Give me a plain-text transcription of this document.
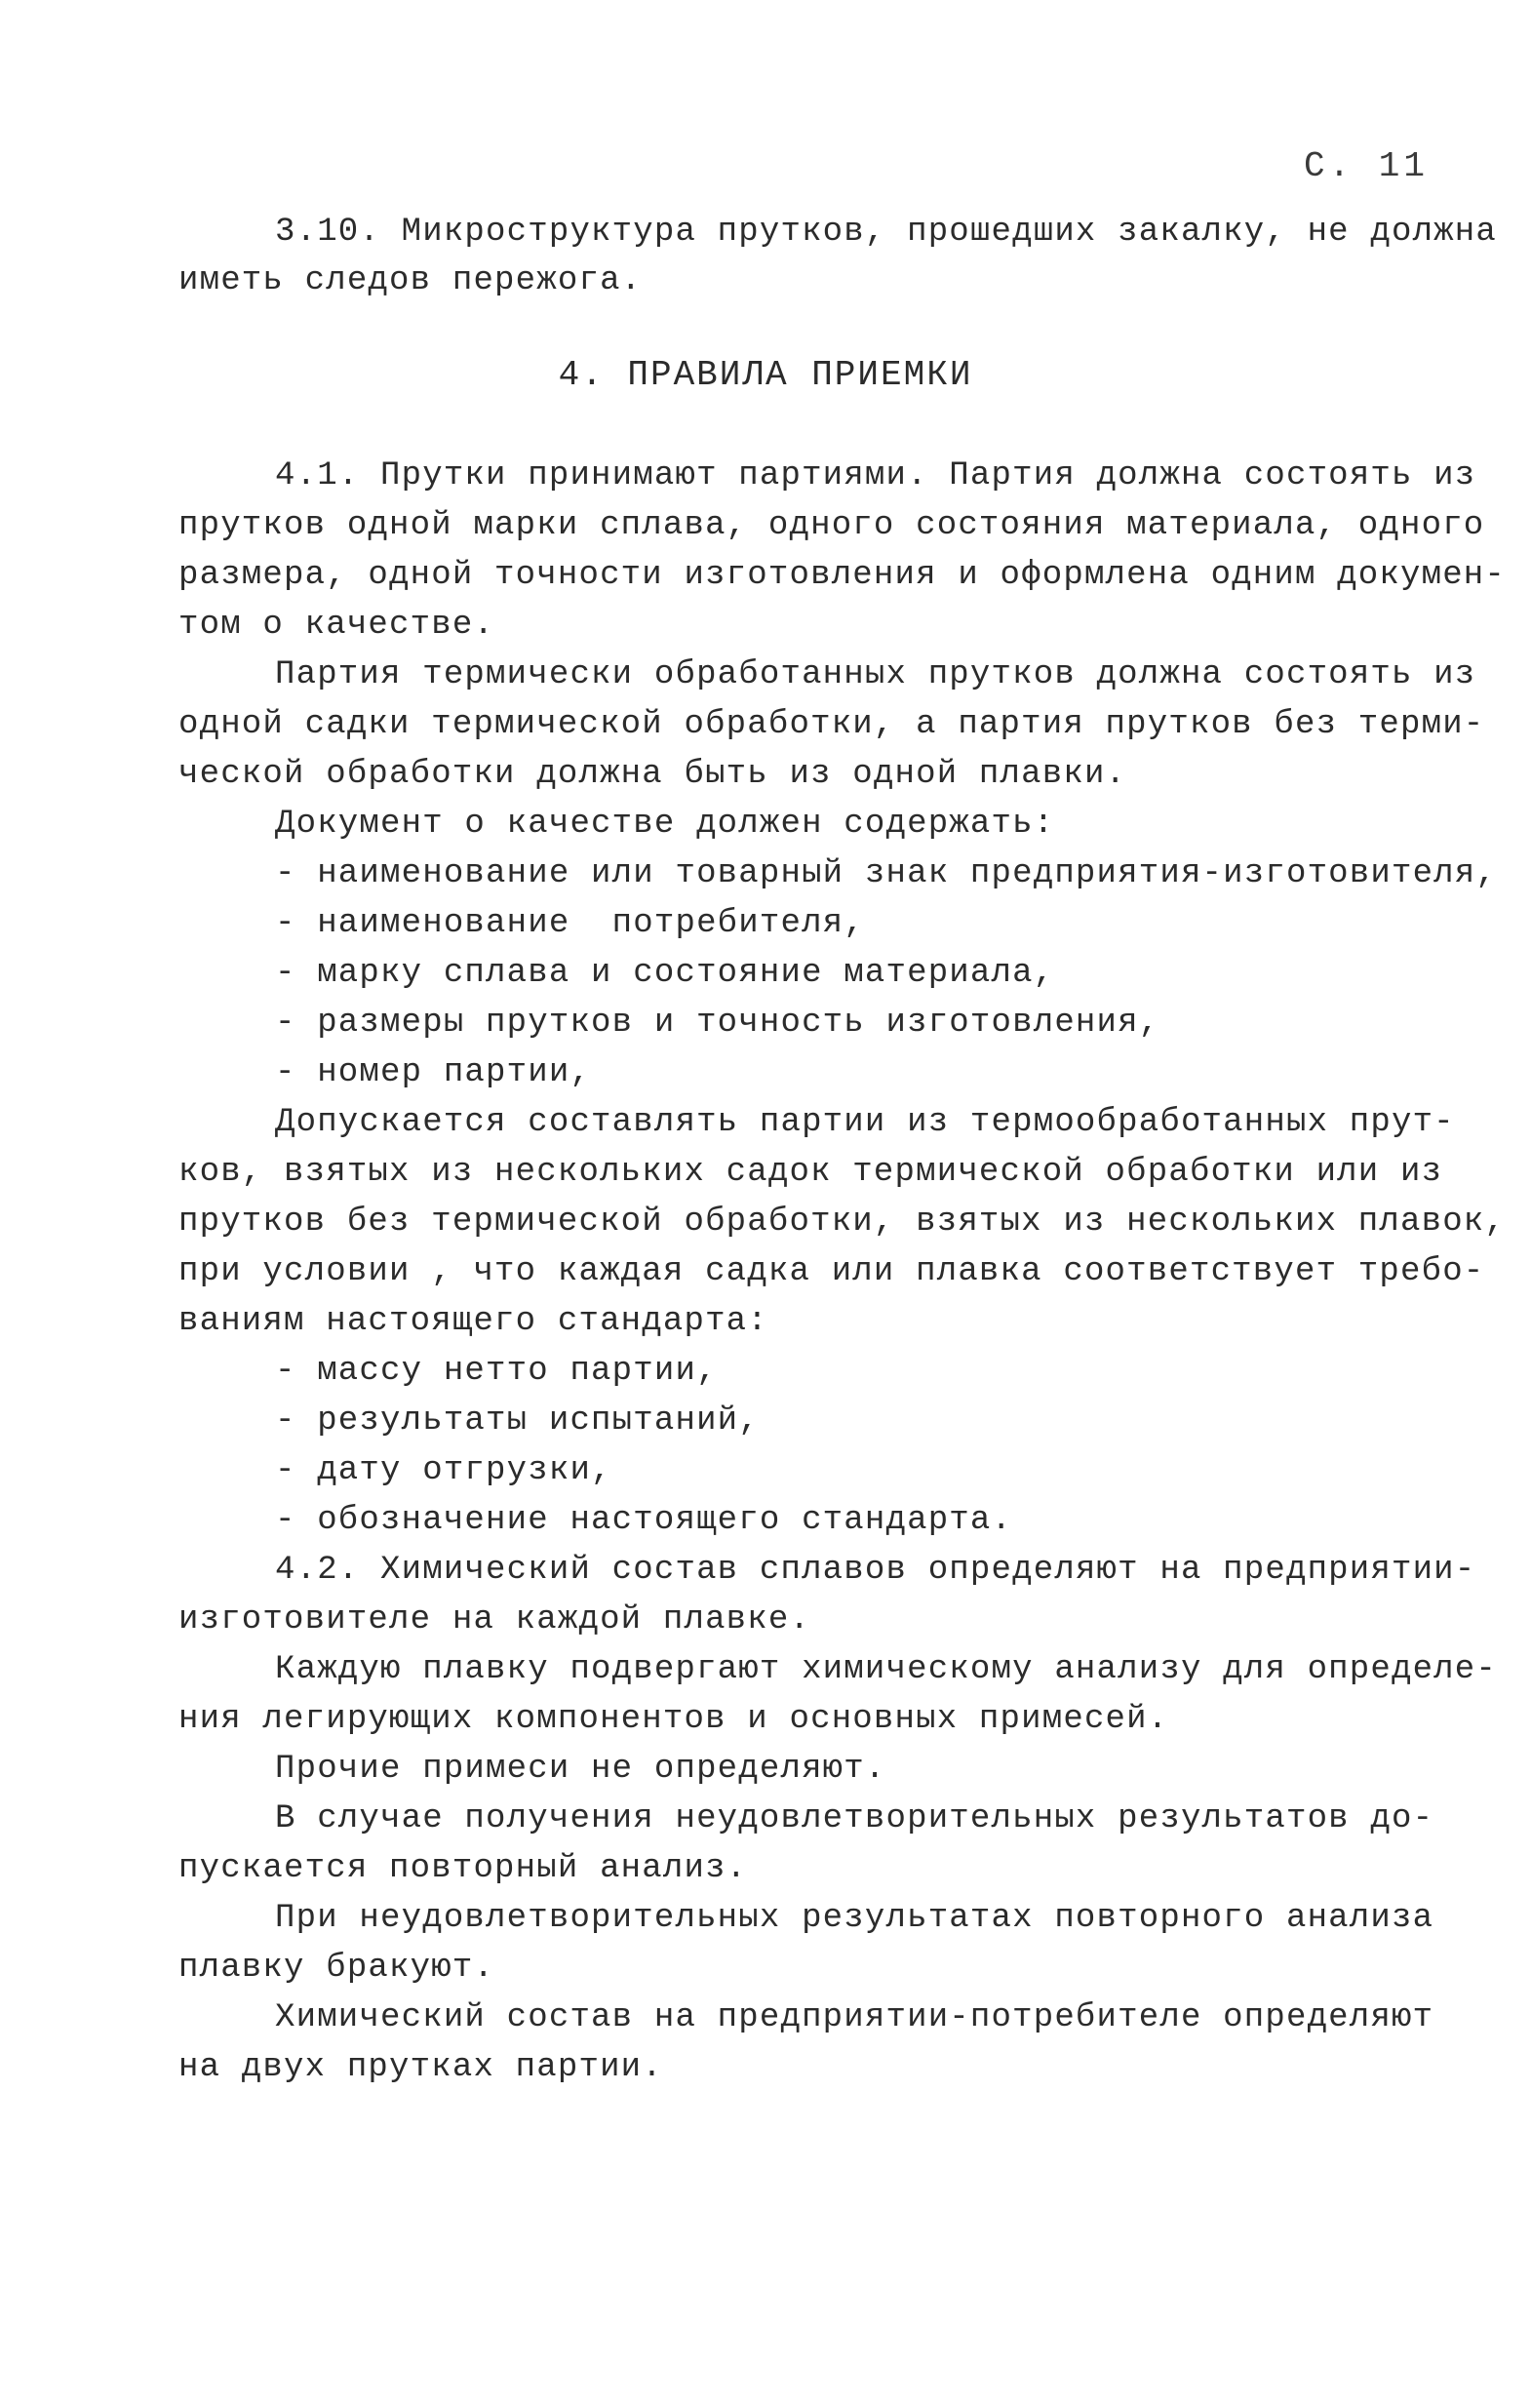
С. 11
3.10. Микроструктура прутков, прошедших закалку, не должна
иметь следов пережога.
4. ПРАВИЛА ПРИЕМКИ
4.1. Прутки принимают партиями. Партия должна состоять из
прутков одной марки сплава, одного состояния материала, одного
размера, одной точности изготовления и оформлена одним докумен-
том о качестве.
Партия термически обработанных прутков должна состоять из
одной садки термической обработки, а партия прутков без терми-
ческой обработки должна быть из одной плавки.
Документ о качестве должен содержать:
- наименование или товарный знак предприятия-изготовителя,
- наименование  потребителя,
- марку сплава и состояние материала,
- размеры прутков и точность изготовления,
- номер партии,
Допускается составлять партии из термообработанных прут-
ков, взятых из нескольких садок термической обработки или из
прутков без термической обработки, взятых из нескольких плавок,
при условии , что каждая садка или плавка соответствует требо-
ваниям настоящего стандарта:
- массу нетто партии,
- результаты испытаний,
- дату отгрузки,
- обозначение настоящего стандарта.
4.2. Химический состав сплавов определяют на предприятии-
изготовителе на каждой плавке.
Каждую плавку подвергают химическому анализу для определе-
ния легирующих компонентов и основных примесей.
Прочие примеси не определяют.
В случае получения неудовлетворительных результатов до-
пускается повторный анализ.
При неудовлетворительных результатах повторного анализа
плавку бракуют.
Химический состав на предприятии-потребителе определяют
на двух прутках партии.
